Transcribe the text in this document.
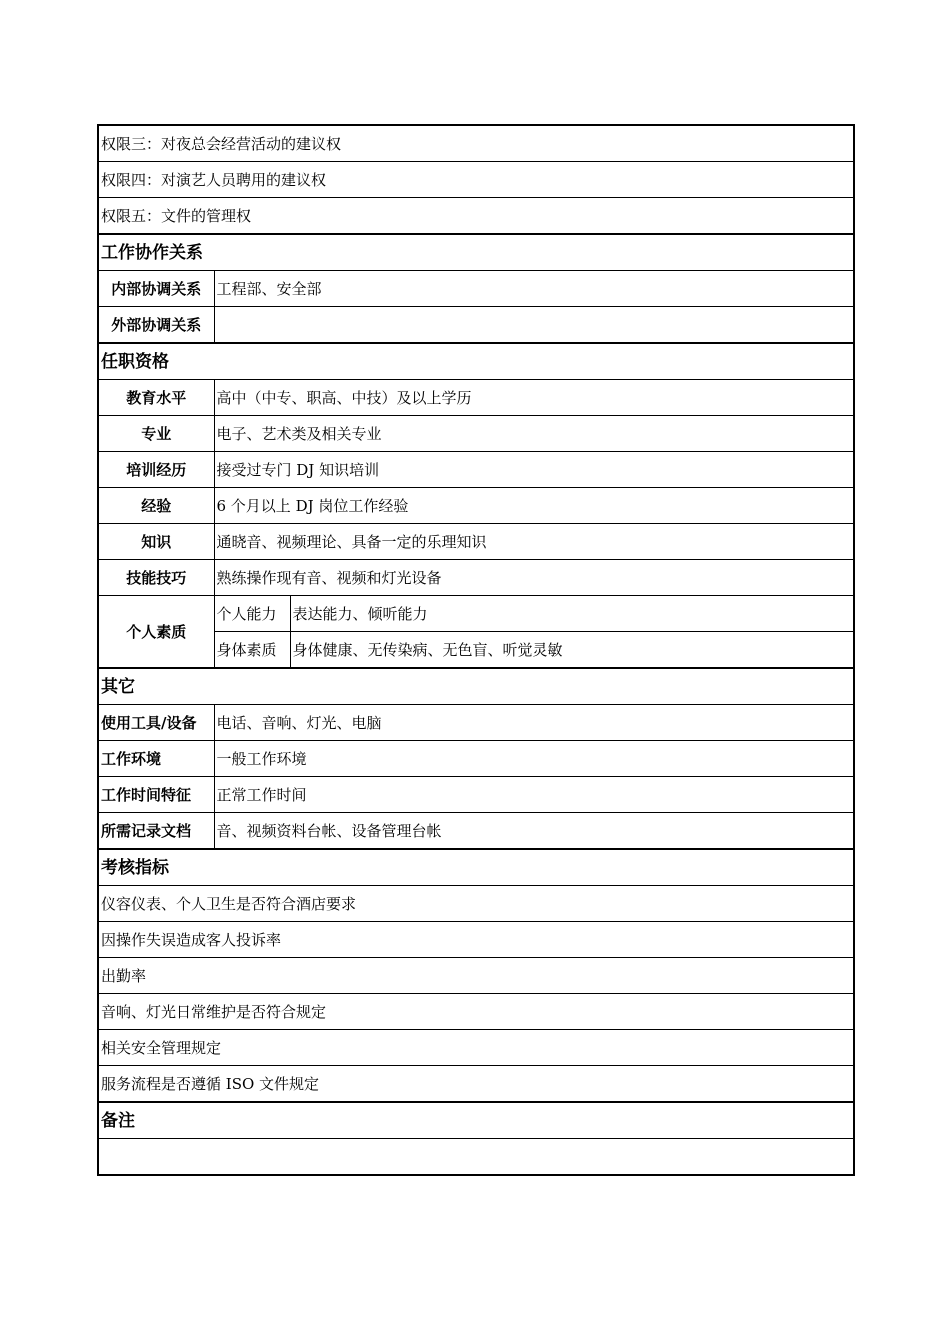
权限三：对夜总会经营活动的建议权		
权限四：对演艺人员聘用的建议权		
权限五：文件的管理权		
工作协作关系		
内部协调关系	工程部、安全部	
外部协调关系		
任职资格		
教育水平	高中（中专、职高、中技）及以上学历	
专业	电子、艺术类及相关专业	
培训经历	接受过专门 DJ 知识培训	
经验	6 个月以上 DJ 岗位工作经验	
知识	通晓音、视频理论、具备一定的乐理知识	
技能技巧	熟练操作现有音、视频和灯光设备	
个人素质	个人能力	表达能力、倾听能力
	身体素质	身体健康、无传染病、无色盲、听觉灵敏
其它		
使用工具/设备	电话、音响、灯光、电脑	
工作环境	一般工作环境	
工作时间特征	正常工作时间	
所需记录文档	音、视频资料台帐、设备管理台帐	
考核指标		
仪容仪表、个人卫生是否符合酒店要求		
因操作失误造成客人投诉率		
出勤率		
音响、灯光日常维护是否符合规定		
相关安全管理规定		
服务流程是否遵循 ISO 文件规定		
备注		
